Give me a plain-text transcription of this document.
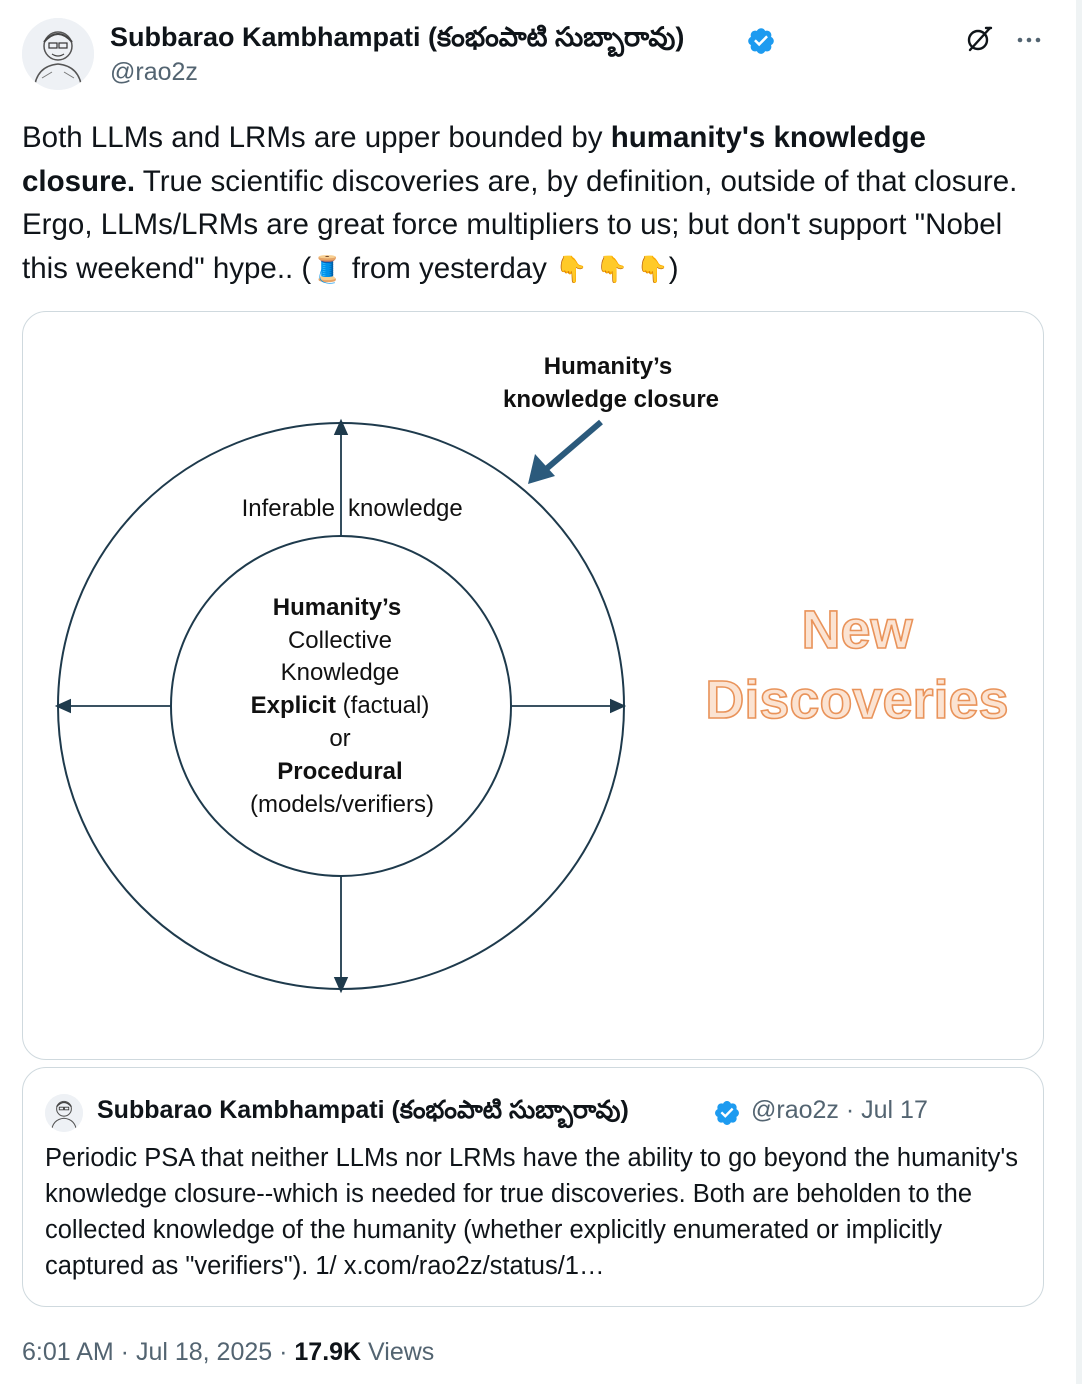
Subbarao Kambhampati (కంభంపాటి సుబ్బారావు)
@rao2z
Both LLMs and LRMs are upper bounded by humanity's knowledge closure. True scientific discoveries are, by definition, outside of that closure. Ergo, LLMs/LRMs are great force multipliers to us; but don't support "Nobel this weekend" hype.. (🧵 from yesterday 👇 👇 👇)
Humanity’s
knowledge closure
Inferable knowledge
Humanity’s
Collective
Knowledge
Explicit (factual)
or
Procedural
(models/verifiers)
New
Discoveries
Subbarao Kambhampati (కంభంపాటి సుబ్బారావు)	@rao2z · Jul 17
Periodic PSA that neither LLMs nor LRMs have the ability to go beyond the humanity's knowledge closure--which is needed for true discoveries. Both are beholden to the collected knowledge of the humanity (whether explicitly enumerated or implicitly captured as "verifiers"). 1/ x.com/rao2z/status/1…
6:01 AM · Jul 18, 2025 · 17.9K Views
